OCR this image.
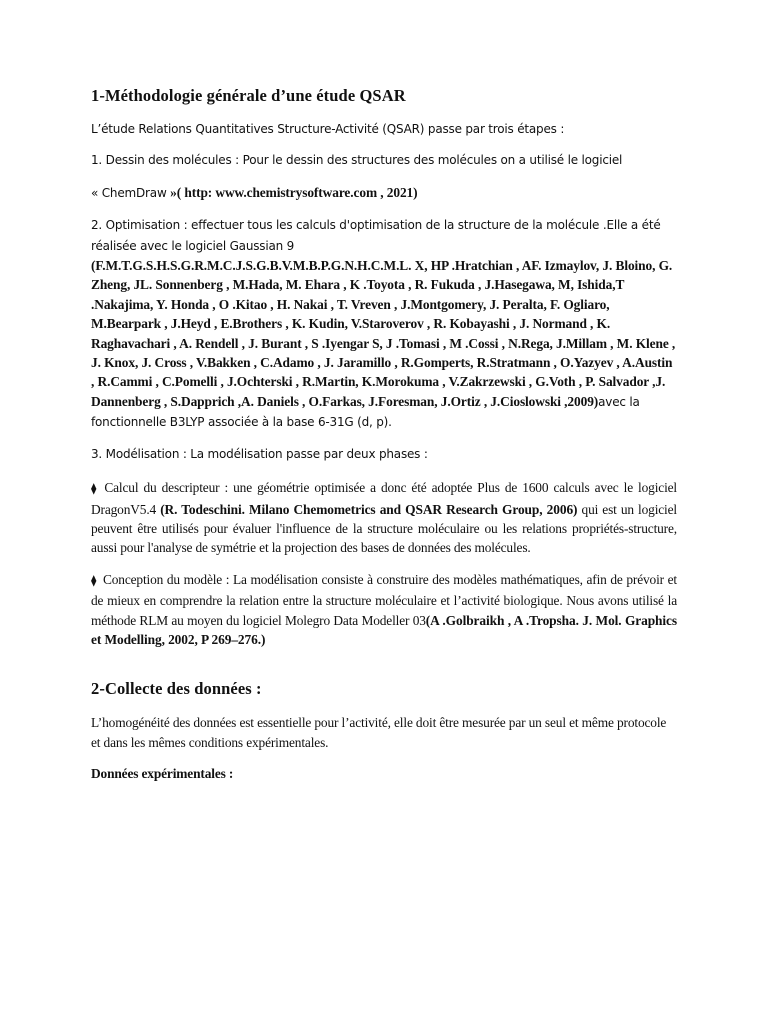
1-Méthodologie générale d’une étude QSAR

L’étude Relations Quantitatives Structure-Activité (QSAR) passe par trois étapes :

1. Dessin des molécules : Pour le dessin des structures des molécules on a utilisé le logiciel

« ChemDraw »( http: www.chemistrysoftware.com , 2021)

2. Optimisation : effectuer tous les calculs d'optimisation de la structure de la molécule .Elle a été réalisée avec le logiciel Gaussian 9
(F.M.T.G.S.H.S.G.R.M.C.J.S.G.B.V.M.B.P.G.N.H.C.M.L. X, HP .Hratchian , AF. Izmaylov, J. Bloino, G. Zheng, JL. Sonnenberg , M.Hada, M. Ehara , K .Toyota , R. Fukuda , J.Hasegawa, M, Ishida,T .Nakajima, Y. Honda , O .Kitao , H. Nakai , T. Vreven , J.Montgomery, J. Peralta, F. Ogliaro, M.Bearpark , J.Heyd , E.Brothers , K. Kudin, V.Staroverov , R. Kobayashi , J. Normand , K. Raghavachari , A. Rendell , J. Burant , S .Iyengar S, J .Tomasi , M .Cossi , N.Rega, J.Millam , M. Klene , J. Knox, J. Cross , V.Bakken , C.Adamo , J. Jaramillo , R.Gomperts, R.Stratmann , O.Yazyev , A.Austin , R.Cammi , C.Pomelli , J.Ochterski , R.Martin, K.Morokuma , V.Zakrzewski , G.Voth , P. Salvador ,J. Dannenberg , S.Dapprich ,A. Daniels , O.Farkas, J.Foresman, J.Ortiz , J.Cioslowski ,2009)avec la fonctionnelle B3LYP associée à la base 6-31G (d, p).

3. Modélisation : La modélisation passe par deux phases :

⧫ Calcul du descripteur : une géométrie optimisée a donc été adoptée Plus de 1600 calculs avec le logiciel DragonV5.4 (R. Todeschini. Milano Chemometrics and QSAR Research Group, 2006) qui est un logiciel peuvent être utilisés pour évaluer l'influence de la structure moléculaire ou les relations propriétés-structure, aussi pour l'analyse de symétrie et la projection des bases de données des molécules.

⧫ Conception du modèle : La modélisation consiste à construire des modèles mathématiques, afin de prévoir et de mieux en comprendre la relation entre la structure moléculaire et l’activité biologique. Nous avons utilisé la méthode RLM au moyen du logiciel Molegro Data Modeller 03(A .Golbraikh , A .Tropsha. J. Mol. Graphics et Modelling, 2002, P 269–276.)

2-Collecte des données :

L’homogénéité des données est essentielle pour l’activité, elle doit être mesurée par un seul et même protocole et dans les mêmes conditions expérimentales.

Données expérimentales :
